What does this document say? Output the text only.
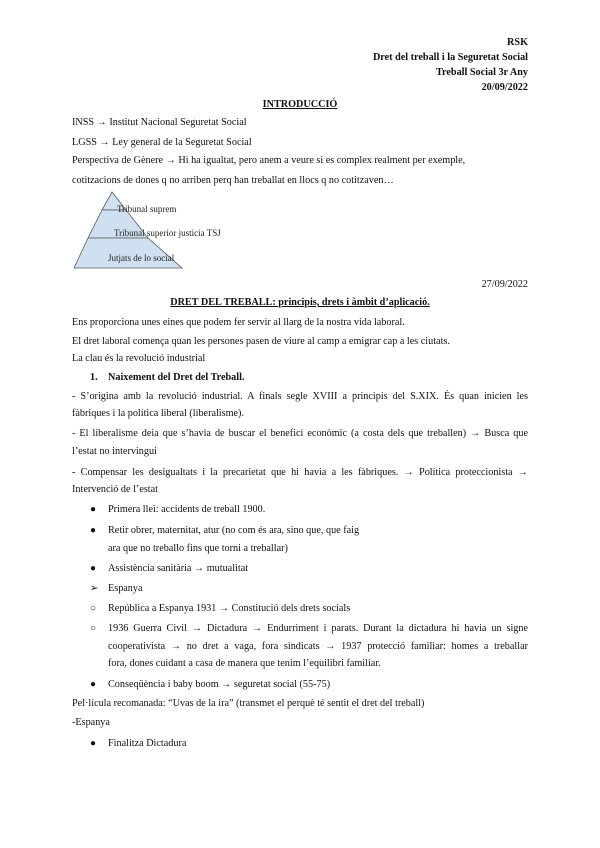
RSK
Dret del treball i la Seguretat Social
Treball Social 3r Any
20/09/2022
INTRODUCCIÓ
INSS → Institut Nacional Seguretat Social
LGSS → Ley general de la Seguretat Social
Perspectiva de Gènere → Hi ha igualtat, pero anem a veure si es complex realment per exemple,
cotitzacions de dones q no arriben perq han treballat en llocs q no cotitzaven…
Tribunal suprem
Tribunal superior justicia TSJ
Jutjats de lo social
27/09/2022
DRET DEL TREBALL: principis, drets i àmbit d’aplicació.
Ens proporciona unes eines que podem fer servir al llarg de la nostra vida laboral.
El dret laboral comença quan les persones pasen de viure al camp a emigrar cap a les ciutats.
La clau és la revolució industrial
1. Naixement del Dret del Treball.
- S’origina amb la revolució industrial. A finals segle XVIII a principis del S.XIX. És quan inicien les
fàbriques i la política liberal (liberalisme).
- El liberalisme deia que s’havia de buscar el benefici econòmic (a costa dels que treballen) → Busca que
l’estat no intervingui
- Compensar les desigualtats i la precarietat que hi havia a les fàbriques. → Política proteccionista →
Intervenció de l’estat
● Primera llei: accidents de treball 1900.
● Retir obrer, maternitat, atur (no com és ara, sino que, que faig
ara que no treballo fins que torni a treballar)
● Assistència sanitària → mutualitat
➢ Espanya
○ República a Espanya 1931 → Constitució dels drets socials
○ 1936 Guerra Civil → Dictadura → Endurriment i parats. Durant la dictadura hi havia un signe
cooperativista → no dret a vaga, fora sindicats → 1937 protecció familiar: homes a treballar
fora, dones cuidant a casa de manera que tenim l’equilibri familiar.
● Conseqüència i baby boom → seguretat social (55-75)
Pel·lícula recomanada: “Uvas de la ira” (transmet el perquè té sentit el dret del treball)
-Espanya
● Finalitza Dictadura
